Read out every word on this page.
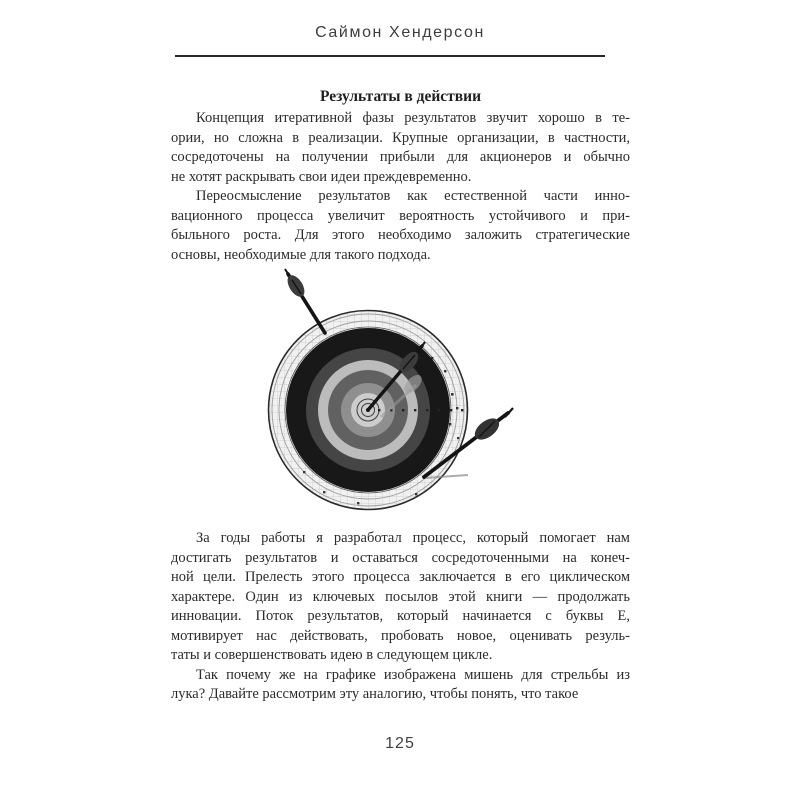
Саймон Хендерсон
Результаты в действии

Концепция итеративной фазы результатов звучит хорошо в те-
ории, но сложна в реализации. Крупные организации, в частности,
сосредоточены на получении прибыли для акционеров и обычно
не хотят раскрывать свои идеи преждевременно.

Переосмысление результатов как естественной части инно-
вационного процесса увеличит вероятность устойчивого и при-
быльного роста. Для этого необходимо заложить стратегические
основы, необходимые для такого подхода.

За годы работы я разработал процесс, который помогает нам
достигать результатов и оставаться сосредоточенными на конеч-
ной цели. Прелесть этого процесса заключается в его циклическом
характере. Один из ключевых посылов этой книги — продолжать
инновации. Поток результатов, который начинается с буквы Е,
мотивирует нас действовать, пробовать новое, оценивать резуль-
таты и совершенствовать идею в следующем цикле.

Так почему же на графике изображена мишень для стрельбы из
лука? Давайте рассмотрим эту аналогию, чтобы понять, что такое

125
